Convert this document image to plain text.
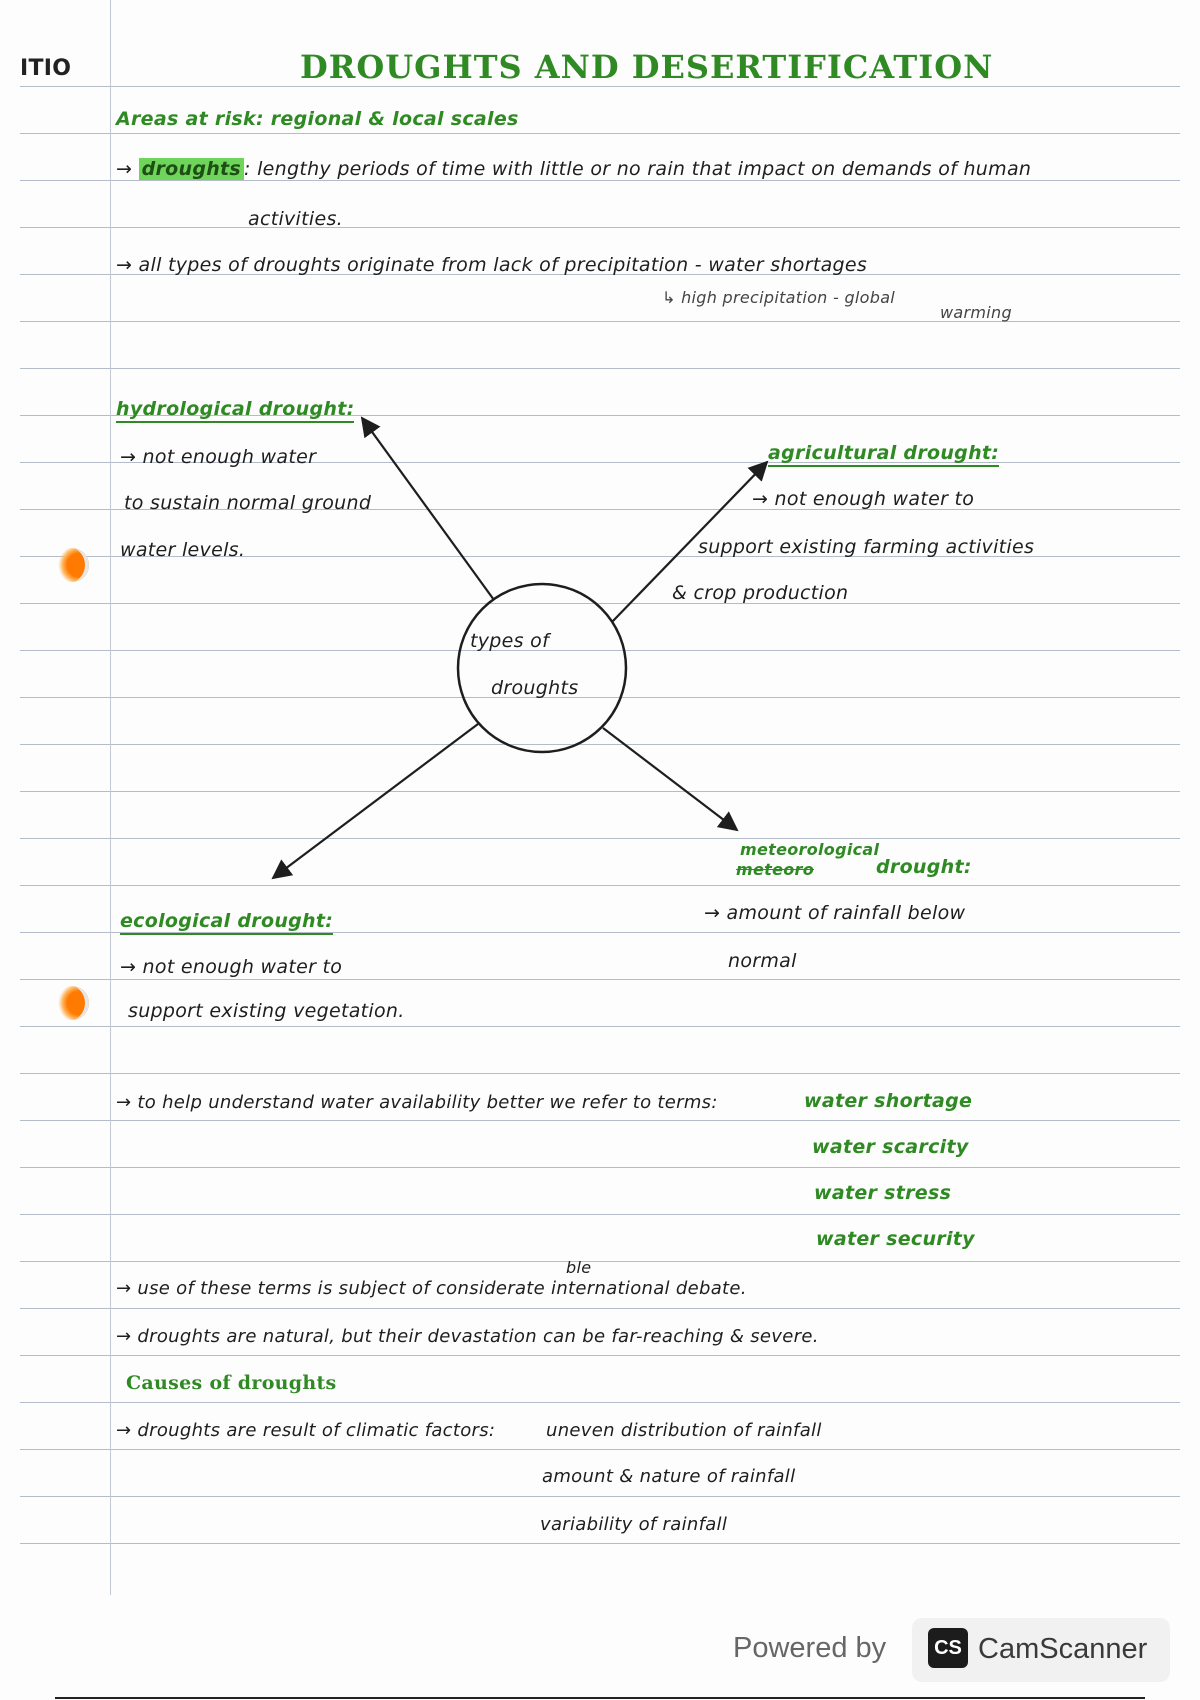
ITIO	DROUGHTS AND DESERTIFICATION
Areas at risk: regional & local scales
→ droughts : lengthy periods of time with little or no rain that impact on demands of human
activities.
→ all types of droughts originate from lack of precipitation - water shortages
↳ high precipitation - global
warming
types of
droughts
hydrological drought:
→ not enough water
to sustain normal ground
water levels.
agricultural drought:
→ not enough water to
support existing farming activities
& crop production
meteorological
meteoro	drought:
→ amount of rainfall below
normal
ecological drought:
→ not enough water to
support existing vegetation.
→ to help understand water availability better we refer to terms:	water shortage
water scarcity
water stress
water security
ble
→ use of these terms is subject of considerate international debate.
→ droughts are natural, but their devastation can be far-reaching & severe.
Causes of droughts
→ droughts are result of climatic factors:	uneven distribution of rainfall
amount & nature of rainfall
variability of rainfall
Powered by	CS CamScanner
